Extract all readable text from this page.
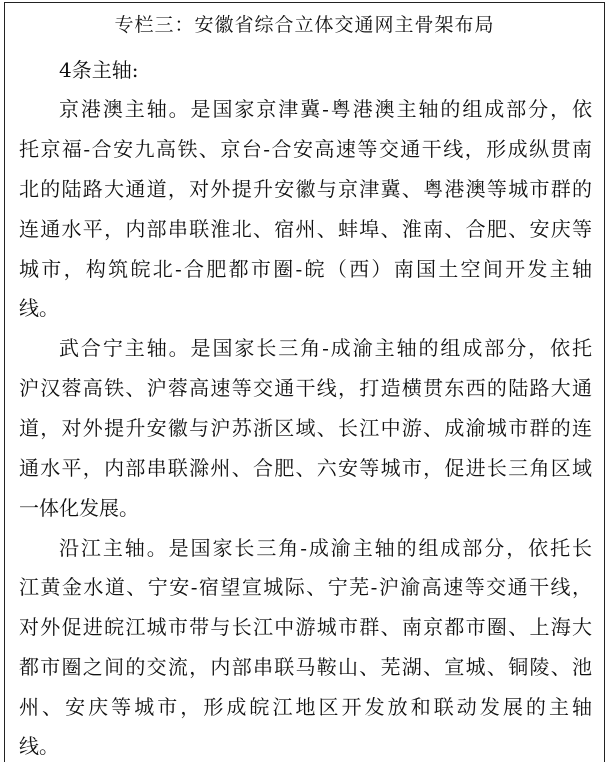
专栏三：安徽省综合立体交通网主骨架布局
4条主轴:
京港澳主轴。是国家京津冀-粤港澳主轴的组成部分，依
托京福-合安九高铁、京台-合安高速等交通干线，形成纵贯南
北的陆路大通道，对外提升安徽与京津冀、粤港澳等城市群的
连通水平，内部串联淮北、宿州、蚌埠、淮南、合肥、安庆等
城市，构筑皖北-合肥都市圈-皖（西）南国土空间开发主轴
线。
武合宁主轴。是国家长三角-成渝主轴的组成部分，依托
沪汉蓉高铁、沪蓉高速等交通干线，打造横贯东西的陆路大通
道，对外提升安徽与沪苏浙区域、长江中游、成渝城市群的连
通水平，内部串联滁州、合肥、六安等城市，促进长三角区域
一体化发展。
沿江主轴。是国家长三角-成渝主轴的组成部分，依托长
江黄金水道、宁安-宿望宣城际、宁芜-沪渝高速等交通干线，
对外促进皖江城市带与长江中游城市群、南京都市圈、上海大
都市圈之间的交流，内部串联马鞍山、芜湖、宣城、铜陵、池
州、安庆等城市，形成皖江地区开发放和联动发展的主轴
线。
